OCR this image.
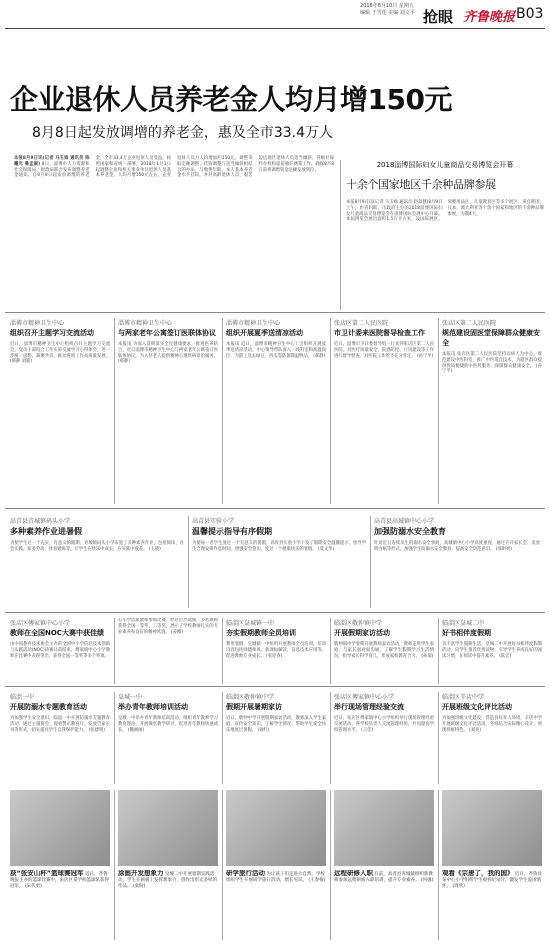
2018年8月10日 星期五
编辑 于雪莲 美编 刘文平 抢眼 齐鲁晚报 B03
企业退休人员养老金人均月增150元
8月8日起发放调增的养老金，惠及全市33.4万人
本报8月9日讯(记者 马玉姝 通讯员 陈曦光 鲁孟颖) 8日，淄博市人力资源和社会保障局、财政局联合发布调整养老金通知，自8月8日起发放调增的养老金，全市33.4万企业退休人员受益。按照国家和省统一部署，2018年1月1日起调整企业和机关事业单位退休人员基本养老金，人均月增150元左右，企业退休人员月人均增加约150元。调整采取定额调整、挂钩调整与适当倾斜相结合的办法，与缴费年限、本人基本养老金水平挂钩，并对高龄退休人员、艰苦边远地区退休人员适当倾斜。各级社保经办机构提前做好测算工作，确保8月8日前将调增资金足额发放到位。
2018淄博国际妇女儿童商品交易博览会开幕
十余个国家地区千余种品牌参展
本报8月9日讯(记者 马玉姝 通讯员 赵景健)8月9日上午，由省妇联、市政府主办的2018淄博国际妇女儿童商品交易博览会在淄博国际会展中心开幕。本届博览会展出面积1.5万平方米，设国际展区、母婴用品区、儿童教育区等多个展区，来自韩国、日本、澳大利亚等十余个国家和地区的千余种品牌参展，为期4天。
淄博市精神卫生中心
组织召开主题学习交流活动
近日，淄博市精神卫生中心组织召开主题学习交流会，党员干部结合工作实际交流学习心得体会，进一步统一思想、凝聚共识，推动各项工作高质量发展。 (郝静 刘敏)
淄博市精神卫生中心
与两家老年公寓签订医联体协议
本报讯 为深入贯彻落实全民健康要求，推进医养结合，近日淄博市精神卫生中心与两家老年公寓签订医联体协议，为入住老人提供精神心理疾病诊治服务。 (郝静)
淄博市精神卫生中心
组织开展夏季送清凉活动
本报讯 近日，淄博市精神卫生中心工会组织开展夏季送清凉活动，中心领导带队深入一线科室和高温岗位，为职工送去绿豆、西瓜等防暑降温物品。 (郝静)
张店区第二人民医院
市卫计委来医院督导检查工作
近日，淄博市卫计委督导组一行来到张店区第二人民医院，对医疗质量安全、院感防控、行风建设等工作进行督导检查，对医院工作给予充分肯定。 (孙宁平)
张店区第二人民医院
规范建设固医堂保障群众健康安全
本报讯 张店区第二人民医院坚持以病人为中心，规范建设中医科室，推广中医适宜技术，为辖区群众提供优质便捷的中医药服务，保障群众健康安全。 (孙宁平)
高青县青城镇码头小学
多种素养作业进暑假
为使学生过一个充实、有意义的假期，青城镇码头小学布置了多种素养作业，包括阅读、社会实践、家务劳动、体育锻炼等，让学生在快乐中成长，在实践中收获。 (王晓)
高青县实验小学
温馨提示指导有序假期
为使每一名学生度过一个有意义的暑假，高青县实验小学下发了假期安全温馨提示，指导学生合理安排作息时间，增强安全意识，度过一个健康快乐的暑假。 (夏文华)
高青县高城镇中心小学
加强防溺水安全教育
针对近日连续发生的溺水安全事故，高城镇中心小学高度重视，通过召开家长会、发放明白纸等形式，加强学生防溺水安全教育，提高安全防范意识。 (邵明亮)
张店区傅家镇中心小学
教师在全国NOC大赛中获佳绩
由中国教育技术协会主办的全国中小学信息技术创新与实践活动(NOC)决赛日前结束，傅家镇中心小学教师在比赛中表现突出，获得全国一等奖等多个奖项。
心小学选派教师参加比赛，经过层层选拔，多名教师获得全国一等奖、二等奖，展示了学校教师扎实的专业素养和良好的精神风貌。 (姜娜)
临淄区皇城镇一中
夯实假期教师全员培训
利用暑假，皇城镇一中组织开展教师全员培训，培训内容包括师德师风、新课标解读、信息技术应用等，促进教师专业成长。 (张迎春)
临淄区敬仲镇中学
开展假期家访活动
敬仲镇中学暑期开展教师家访活动，教师走进学生家庭，与家长面对面沟通，了解学生假期学习生活情况，指导家长科学育儿，形成家校教育合力。 (孙瑞)
临淄区皇城二中
好书相伴度假期
为丰富学生假期生活，皇城二中开展好书相伴度假期活动，向学生推荐优秀读物，引导学生养成良好的阅读习惯，在阅读中提升素养。 (陈宏)
临淄一中
开展防溺水专题教育活动
为加强学生安全意识，临淄一中开展防溺水专题教育活动，通过主题班会、观看警示教育片、发放告家长书等形式，切实提高学生自我保护能力。 (张建明)
皇城一中
举办青年教师培训活动
皇城一中举办青年教师培训活动，组织青年教师学习教育理论，开展课堂教学研讨，促进青年教师快速成长。 (魏丽丽)
临淄区敬仲镇中学
假期开展暑期家访
近日，敬仲中学开展假期家访活动，教师深入学生家庭，宣传安全知识，了解学生情况，帮助学生安全快乐地度过暑假。 (刘红)
张店区傅家镇中心小学
举行现场管理经验交流
近日，张店区傅家镇中心小学组织举行现场管理经验交流活动，各学校负责人交流管理经验，共同提高学校管理水平。 (王佳)
临淄区辛店中学
开展班级文化评比活动
为加强班级文化建设，营造良好育人环境，辛店中学开展班级文化评比活动，各班结合实际精心设计，展现班级特色。 (刘亮)
获“张安山杯”篮球赛冠军 近日，齐鲁晚报主办的篮球比赛中，张店区某学校篮球队获得冠军。 (宋代勇)
涂画开发想象力 皇城二中开展暑期实践活动，学生在画板上发挥想象力，创作出形式多样的作品。 (张盼)
研学旅行活动 为让孩子们走进大自然，学校组织学生开展研学旅行活动，增长见识。 (王春梅)
远程研修入职 日前，高青县青城镇组织新教师参加远程研修入职培训，提升专业素养。 (何强)
观看《宗唐了，我的国》 近日，齐鲁县某中心小学组织学生观看纪录片，激发学生爱国情怀。 (周欣)
